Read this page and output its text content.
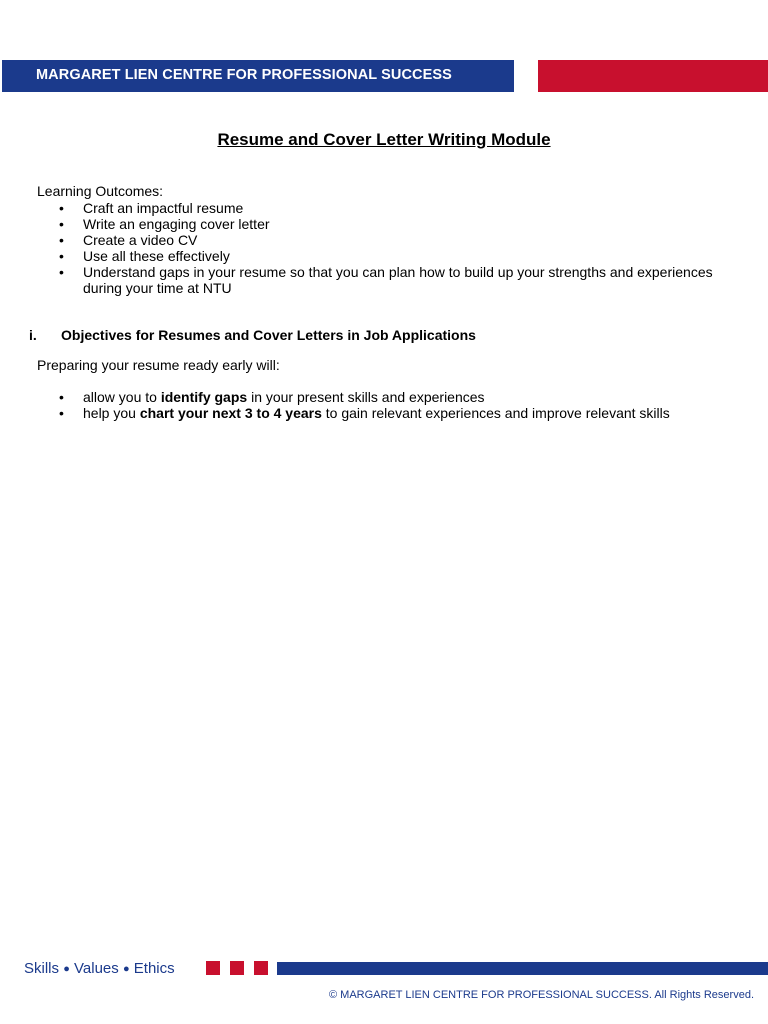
MARGARET LIEN CENTRE FOR PROFESSIONAL SUCCESS
Resume and Cover Letter Writing Module
Learning Outcomes:
• Craft an impactful resume
• Write an engaging cover letter
• Create a video CV
• Use all these effectively
• Understand gaps in your resume so that you can plan how to build up your strengths and experiences
during your time at NTU
i. Objectives for Resumes and Cover Letters in Job Applications
Preparing your resume ready early will:
• allow you to identify gaps in your present skills and experiences
• help you chart your next 3 to 4 years to gain relevant experiences and improve relevant skills
Skills ● Values ● Ethics
© MARGARET LIEN CENTRE FOR PROFESSIONAL SUCCESS. All Rights Reserved.
